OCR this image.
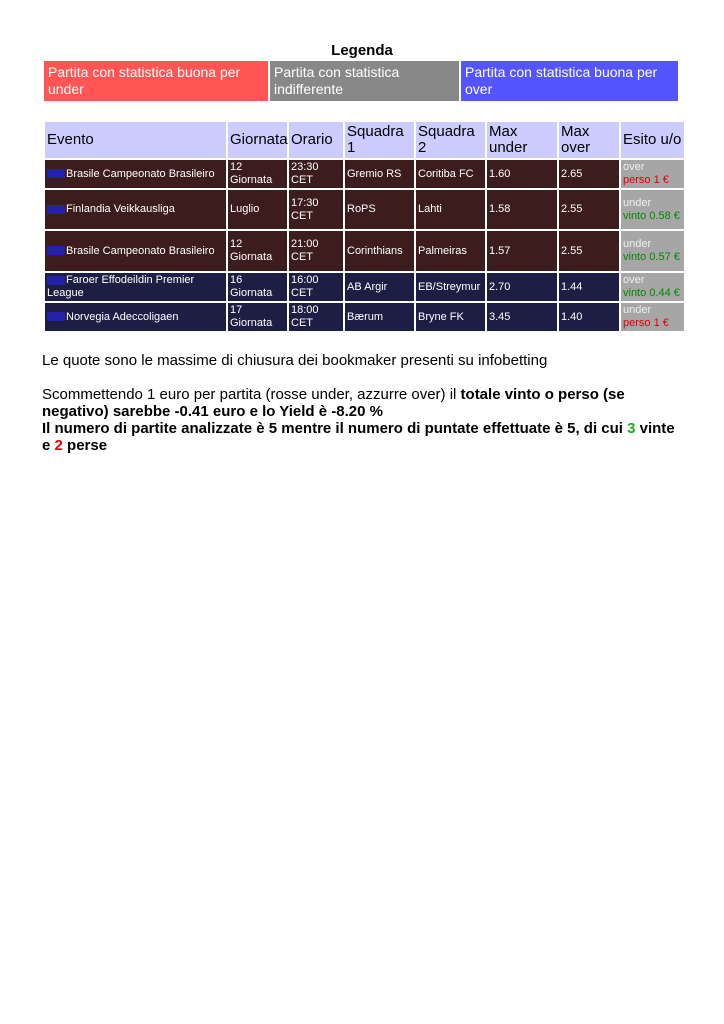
Legenda
Partita con statistica buona per under
Partita con statistica indifferente
Partita con statistica buona per over
Evento	Giornata	Orario	Squadra 1	Squadra 2	Max under	Max over	Esito u/o
Brasile Campeonato Brasileiro	12 Giornata	23:30 CET	Gremio RS	Coritiba FC	1.60	2.65	over
perso 1 €
Finlandia Veikkausliga	Luglio	17:30 CET	RoPS	Lahti	1.58	2.55	under
vinto 0.58 €
Brasile Campeonato Brasileiro	12 Giornata	21:00 CET	Corinthians	Palmeiras	1.57	2.55	under
vinto 0.57 €
Faroer Effodeildin Premier League	16 Giornata	16:00 CET	AB Argir	EB/Streymur	2.70	1.44	over
vinto 0.44 €
Norvegia Adeccoligaen	17 Giornata	18:00 CET	Bærum	Bryne FK	3.45	1.40	under
perso 1 €
Le quote sono le massime di chiusura dei bookmaker presenti su infobetting
Scommettendo 1 euro per partita (rosse under, azzurre over) il totale vinto o perso (se negativo) sarebbe -0.41 euro e lo Yield è -8.20 %
Il numero di partite analizzate è 5 mentre il numero di puntate effettuate è 5, di cui 3 vinte e 2 perse
